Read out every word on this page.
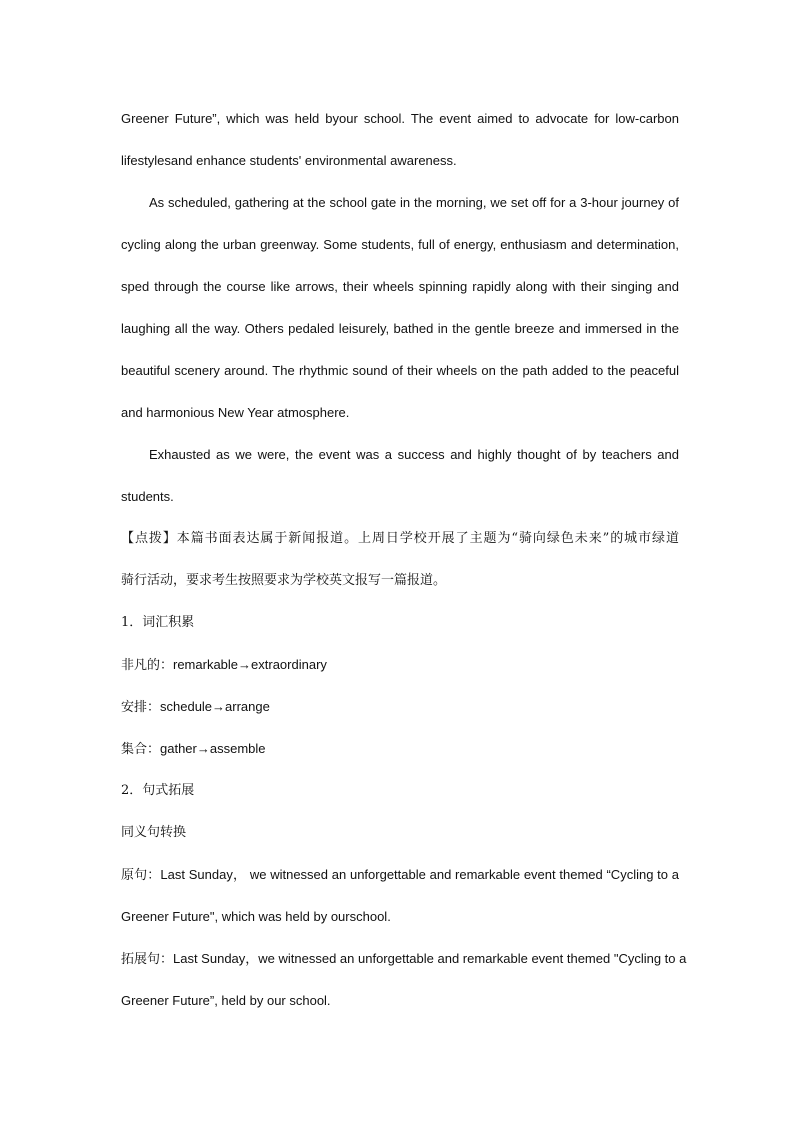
Greener Future”, which was held byour school. The event aimed to advocate for low-carbon
lifestylesand enhance students' environmental awareness.
As scheduled, gathering at the school gate in the morning, we set off for a 3-hour journey of
cycling along the urban greenway. Some students, full of energy, enthusiasm and determination,
sped through the course like arrows, their wheels spinning rapidly along with their singing and
laughing all the way. Others pedaled leisurely, bathed in the gentle breeze and immersed in the
beautiful scenery around. The rhythmic sound of their wheels on the path added to the peaceful
and harmonious New Year atmosphere.
Exhausted as we were, the event was a success and highly thought of by teachers and
students.
【点拨】本篇书面表达属于新闻报道。上周日学校开展了主题为“骑向绿色未来”的城市绿道
骑行活动，要求考生按照要求为学校英文报写一篇报道。
1．词汇积累
非凡的：remarkable→extraordinary
安排：schedule→arrange
集合：gather→assemble
2．句式拓展
同义句转换
原句：Last Sunday， we witnessed an unforgettable and remarkable event themed “Cycling to a
Greener Future", which was held by ourschool.
拓展句：Last Sunday，we witnessed an unforgettable and remarkable event themed "Cycling to a
Greener Future”, held by our school.
